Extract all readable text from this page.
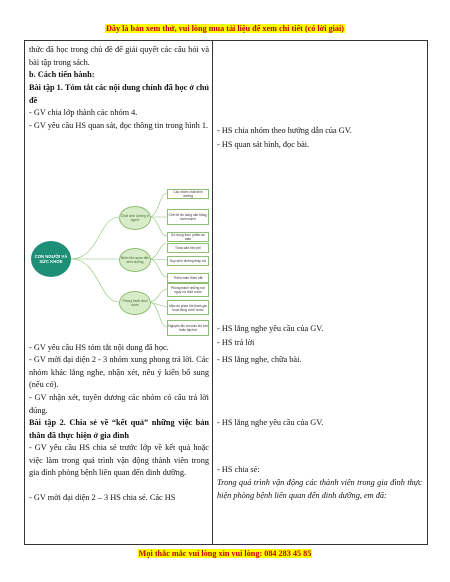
Đây là bản xem thử, vui lòng mua tài liệu để xem chi tiết (có lời giải)

thức đã học trong chủ đề để giải quyết các câu hỏi và bài tập trong sách.

b. Cách tiến hành:

Bài tập 1. Tóm tắt các nội dung chính đã học ở chủ đề

- GV chia lớp thành các nhóm 4.

- GV yêu cầu HS quan sát, đọc thông tin trong hình 1.

CON NGƯỜI VÀ SỨC KHỎE
Chất dinh dưỡng ở người
Bệnh liên quan đến dinh dưỡng
Phòng tránh đuối nước
Các nhóm chất dinh dưỡng
Chế độ ăn uống cân bằng, lành mạnh
Sử dụng thực phẩm an toàn
Thừa cân béo phì
Suy dinh dưỡng thấp còi
Thiếu máu thiếu sắt
Phòng tránh những nơi nguy cơ đuối nước
Mặc áo phao khi tham gia hoạt động dưới nước
Nguyên tắc an toàn khi bơi hoặc tập bơi

- GV yêu cầu HS tóm tắt nội dung đã học.

- GV mời đại diện 2 - 3 nhóm xung phong trả lời. Các nhóm khác lắng nghe, nhận xét, nêu ý kiến bổ sung (nếu có).

- GV nhận xét, tuyên dương các nhóm có câu trả lời đúng.

Bài tập 2. Chia sẻ về “kết quả” những việc bản thân đã thực hiện ở gia đình

- GV yêu cầu HS chia sẻ trước lớp về kết quả hoặc việc làm trong quá trình vận động thành viên trong gia đình phòng bệnh liên quan đến dinh dưỡng.

- GV mời đại diện 2 – 3 HS chia sẻ. Các HS

- HS chia nhóm theo hướng dẫn của GV.

- HS quan sát hình, đọc bài.

- HS lắng nghe yêu cầu của GV.

- HS trả lời

- HS lắng nghe, chữa bài.

- HS lắng nghe yêu cầu của GV.

- HS chia sẻ:

Trong quá trình vận động các thành viên trong gia đình thực hiện phòng bệnh liên quan đến dinh dưỡng, em đã:

Mọi thắc mắc vui lòng xin vui lòng: 084 283 45 85
